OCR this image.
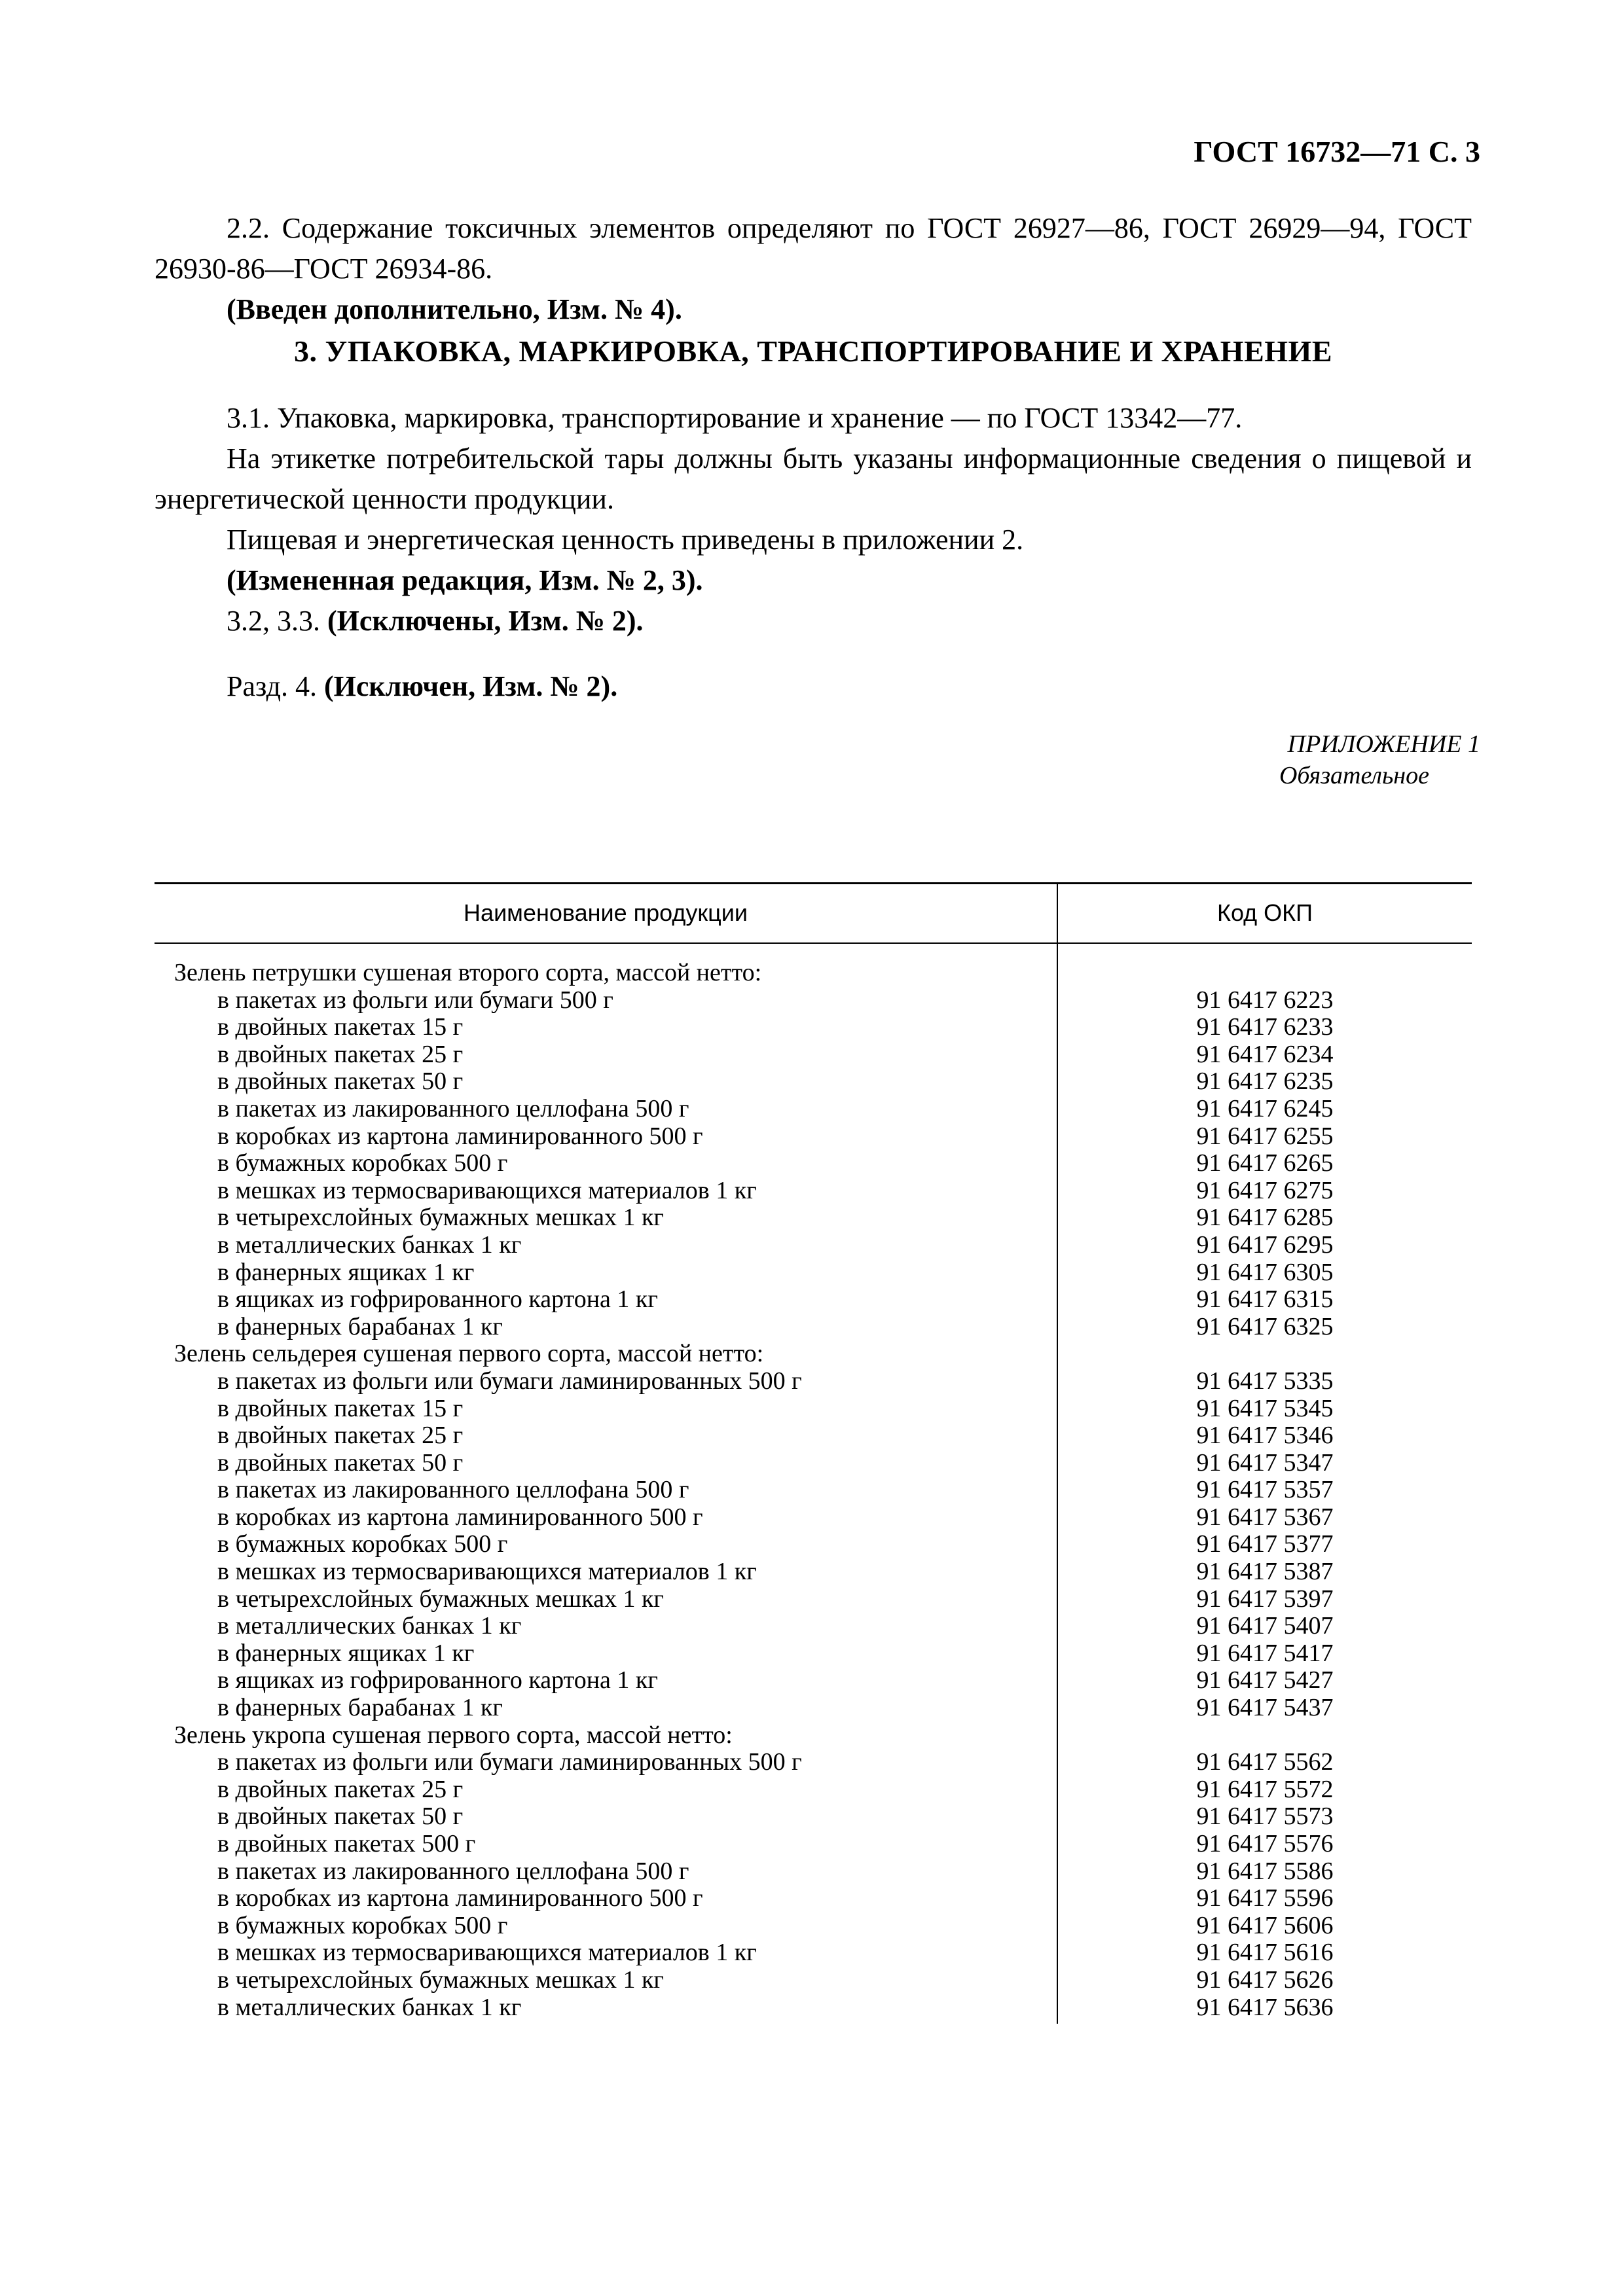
ГОСТ 16732—71 С. 3

2.2. Содержание токсичных элементов определяют по ГОСТ 26927—86, ГОСТ 26929—94, ГОСТ 26930-86—ГОСТ 26934-86.

(Введен дополнительно, Изм. № 4).

3. УПАКОВКА, МАРКИРОВКА, ТРАНСПОРТИРОВАНИЕ И ХРАНЕНИЕ

3.1. Упаковка, маркировка, транспортирование и хранение — по ГОСТ 13342—77.

На этикетке потребительской тары должны быть указаны информационные сведения о пищевой и энергетической ценности продукции.

Пищевая и энергетическая ценность приведены в приложении 2.

(Измененная редакция, Изм. № 2, 3).

3.2, 3.3. (Исключены, Изм. № 2).

Разд. 4. (Исключен, Изм. № 2).

ПРИЛОЖЕНИЕ 1
Обязательное
Наименование продукции	Код ОКП
Зелень петрушки сушеная второго сорта, массой нетто:
в пакетах из фольги или бумаги 500 г	91 6417 6223
в двойных пакетах 15 г	91 6417 6233
в двойных пакетах 25 г	91 6417 6234
в двойных пакетах 50 г	91 6417 6235
в пакетах из лакированного целлофана 500 г	91 6417 6245
в коробках из картона ламинированного 500 г	91 6417 6255
в бумажных коробках 500 г	91 6417 6265
в мешках из термосваривающихся материалов 1 кг	91 6417 6275
в четырехслойных бумажных мешках 1 кг	91 6417 6285
в металлических банках 1 кг	91 6417 6295
в фанерных ящиках 1 кг	91 6417 6305
в ящиках из гофрированного картона 1 кг	91 6417 6315
в фанерных барабанах 1 кг	91 6417 6325
Зелень сельдерея сушеная первого сорта, массой нетто:
в пакетах из фольги или бумаги ламинированных 500 г	91 6417 5335
в двойных пакетах 15 г	91 6417 5345
в двойных пакетах 25 г	91 6417 5346
в двойных пакетах 50 г	91 6417 5347
в пакетах из лакированного целлофана 500 г	91 6417 5357
в коробках из картона ламинированного 500 г	91 6417 5367
в бумажных коробках 500 г	91 6417 5377
в мешках из термосваривающихся материалов 1 кг	91 6417 5387
в четырехслойных бумажных мешках 1 кг	91 6417 5397
в металлических банках 1 кг	91 6417 5407
в фанерных ящиках 1 кг	91 6417 5417
в ящиках из гофрированного картона 1 кг	91 6417 5427
в фанерных барабанах 1 кг	91 6417 5437
Зелень укропа сушеная первого сорта, массой нетто:
в пакетах из фольги или бумаги ламинированных 500 г	91 6417 5562
в двойных пакетах 25 г	91 6417 5572
в двойных пакетах 50 г	91 6417 5573
в двойных пакетах 500 г	91 6417 5576
в пакетах из лакированного целлофана 500 г	91 6417 5586
в коробках из картона ламинированного 500 г	91 6417 5596
в бумажных коробках 500 г	91 6417 5606
в мешках из термосваривающихся материалов 1 кг	91 6417 5616
в четырехслойных бумажных мешках 1 кг	91 6417 5626
в металлических банках 1 кг	91 6417 5636
